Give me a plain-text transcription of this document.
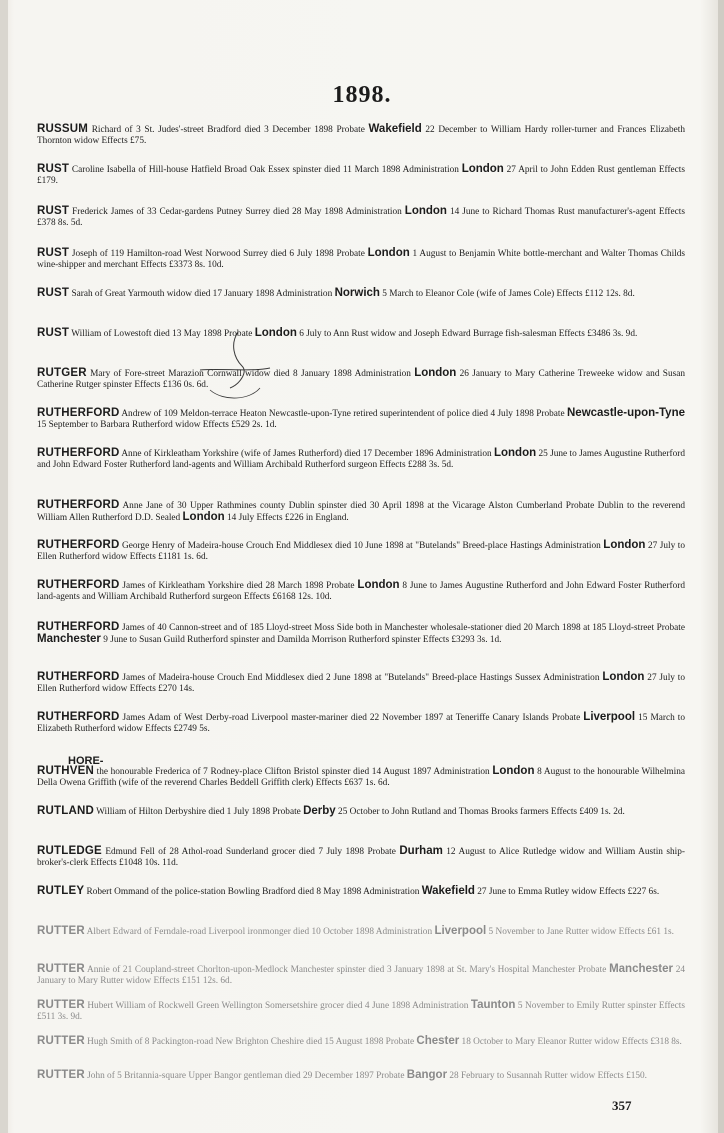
1898.
RUSSUM Richard of 3 St. Judes'-street Bradford died 3 December 1898 Probate Wakefield 22 December to William Hardy roller-turner and Frances Elizabeth Thornton widow Effects £75.
RUST Caroline Isabella of Hill-house Hatfield Broad Oak Essex spinster died 11 March 1898 Administration London 27 April to John Edden Rust gentleman Effects £179.
RUST Frederick James of 33 Cedar-gardens Putney Surrey died 28 May 1898 Administration London 14 June to Richard Thomas Rust manufacturer's-agent Effects £378 8s. 5d.
RUST Joseph of 119 Hamilton-road West Norwood Surrey died 6 July 1898 Probate London 1 August to Benjamin White bottle-merchant and Walter Thomas Childs wine-shipper and merchant Effects £3373 8s. 10d.
RUST Sarah of Great Yarmouth widow died 17 January 1898 Administration Norwich 5 March to Eleanor Cole (wife of James Cole) Effects £112 12s. 8d.
RUST William of Lowestoft died 13 May 1898 Probate London 6 July to Ann Rust widow and Joseph Edward Burrage fish-salesman Effects £3486 3s. 9d.
RUTGER Mary of Fore-street Marazion Cornwall widow died 8 January 1898 Administration London 26 January to Mary Catherine Treweeke widow and Susan Catherine Rutger spinster Effects £136 0s. 6d.
RUTHERFORD Andrew of 109 Meldon-terrace Heaton Newcastle-upon-Tyne retired superintendent of police died 4 July 1898 Probate Newcastle-upon-Tyne 15 September to Barbara Rutherford widow Effects £529 2s. 1d.
RUTHERFORD Anne of Kirkleatham Yorkshire (wife of James Rutherford) died 17 December 1896 Administration London 25 June to James Augustine Rutherford and John Edward Foster Rutherford land-agents and William Archibald Rutherford surgeon Effects £288 3s. 5d.
RUTHERFORD Anne Jane of 30 Upper Rathmines county Dublin spinster died 30 April 1898 at the Vicarage Alston Cumberland Probate Dublin to the reverend William Allen Rutherford D.D. Sealed London 14 July Effects £226 in England.
RUTHERFORD George Henry of Madeira-house Crouch End Middlesex died 10 June 1898 at "Butelands" Breed-place Hastings Administration London 27 July to Ellen Rutherford widow Effects £1181 1s. 6d.
RUTHERFORD James of Kirkleatham Yorkshire died 28 March 1898 Probate London 8 June to James Augustine Rutherford and John Edward Foster Rutherford land-agents and William Archibald Rutherford surgeon Effects £6168 12s. 10d.
RUTHERFORD James of 40 Cannon-street and of 185 Lloyd-street Moss Side both in Manchester wholesale-stationer died 20 March 1898 at 185 Lloyd-street Probate Manchester 9 June to Susan Guild Rutherford spinster and Damilda Morrison Rutherford spinster Effects £3293 3s. 1d.
RUTHERFORD James of Madeira-house Crouch End Middlesex died 2 June 1898 at "Butelands" Breed-place Hastings Sussex Administration London 27 July to Ellen Rutherford widow Effects £270 14s.
RUTHERFORD James Adam of West Derby-road Liverpool master-mariner died 22 November 1897 at Teneriffe Canary Islands Probate Liverpool 15 March to Elizabeth Rutherford widow Effects £2749 5s.
RUTHVEN the honourable Frederica of 7 Rodney-place Clifton Bristol spinster died 14 August 1897 Administration London 8 August to the honourable Wilhelmina Della Owena Griffith (wife of the reverend Charles Beddell Griffith clerk) Effects £637 1s. 6d.
RUTLAND William of Hilton Derbyshire died 1 July 1898 Probate Derby 25 October to John Rutland and Thomas Brooks farmers Effects £409 1s. 2d.
RUTLEDGE Edmund Fell of 28 Athol-road Sunderland grocer died 7 July 1898 Probate Durham 12 August to Alice Rutledge widow and William Austin ship-broker's-clerk Effects £1048 10s. 11d.
RUTLEY Robert Ommand of the police-station Bowling Bradford died 8 May 1898 Administration Wakefield 27 June to Emma Rutley widow Effects £227 6s.
RUTTER Albert Edward of Ferndale-road Liverpool ironmonger died 10 October 1898 Administration Liverpool 5 November to Jane Rutter widow Effects £61 1s.
RUTTER Annie of 21 Coupland-street Chorlton-upon-Medlock Manchester spinster died 3 January 1898 at St. Mary's Hospital Manchester Probate Manchester 24 January to Mary Rutter widow Effects £151 12s. 6d.
RUTTER Hubert William of Rockwell Green Wellington Somersetshire grocer died 4 June 1898 Administration Taunton 5 November to Emily Rutter spinster Effects £511 3s. 9d.
RUTTER Hugh Smith of 8 Packington-road New Brighton Cheshire died 15 August 1898 Probate Chester 18 October to Mary Eleanor Rutter widow Effects £318 8s.
RUTTER John of 5 Britannia-square Upper Bangor gentleman died 29 December 1897 Probate Bangor 28 February to Susannah Rutter widow Effects £150.
HORE-
357
